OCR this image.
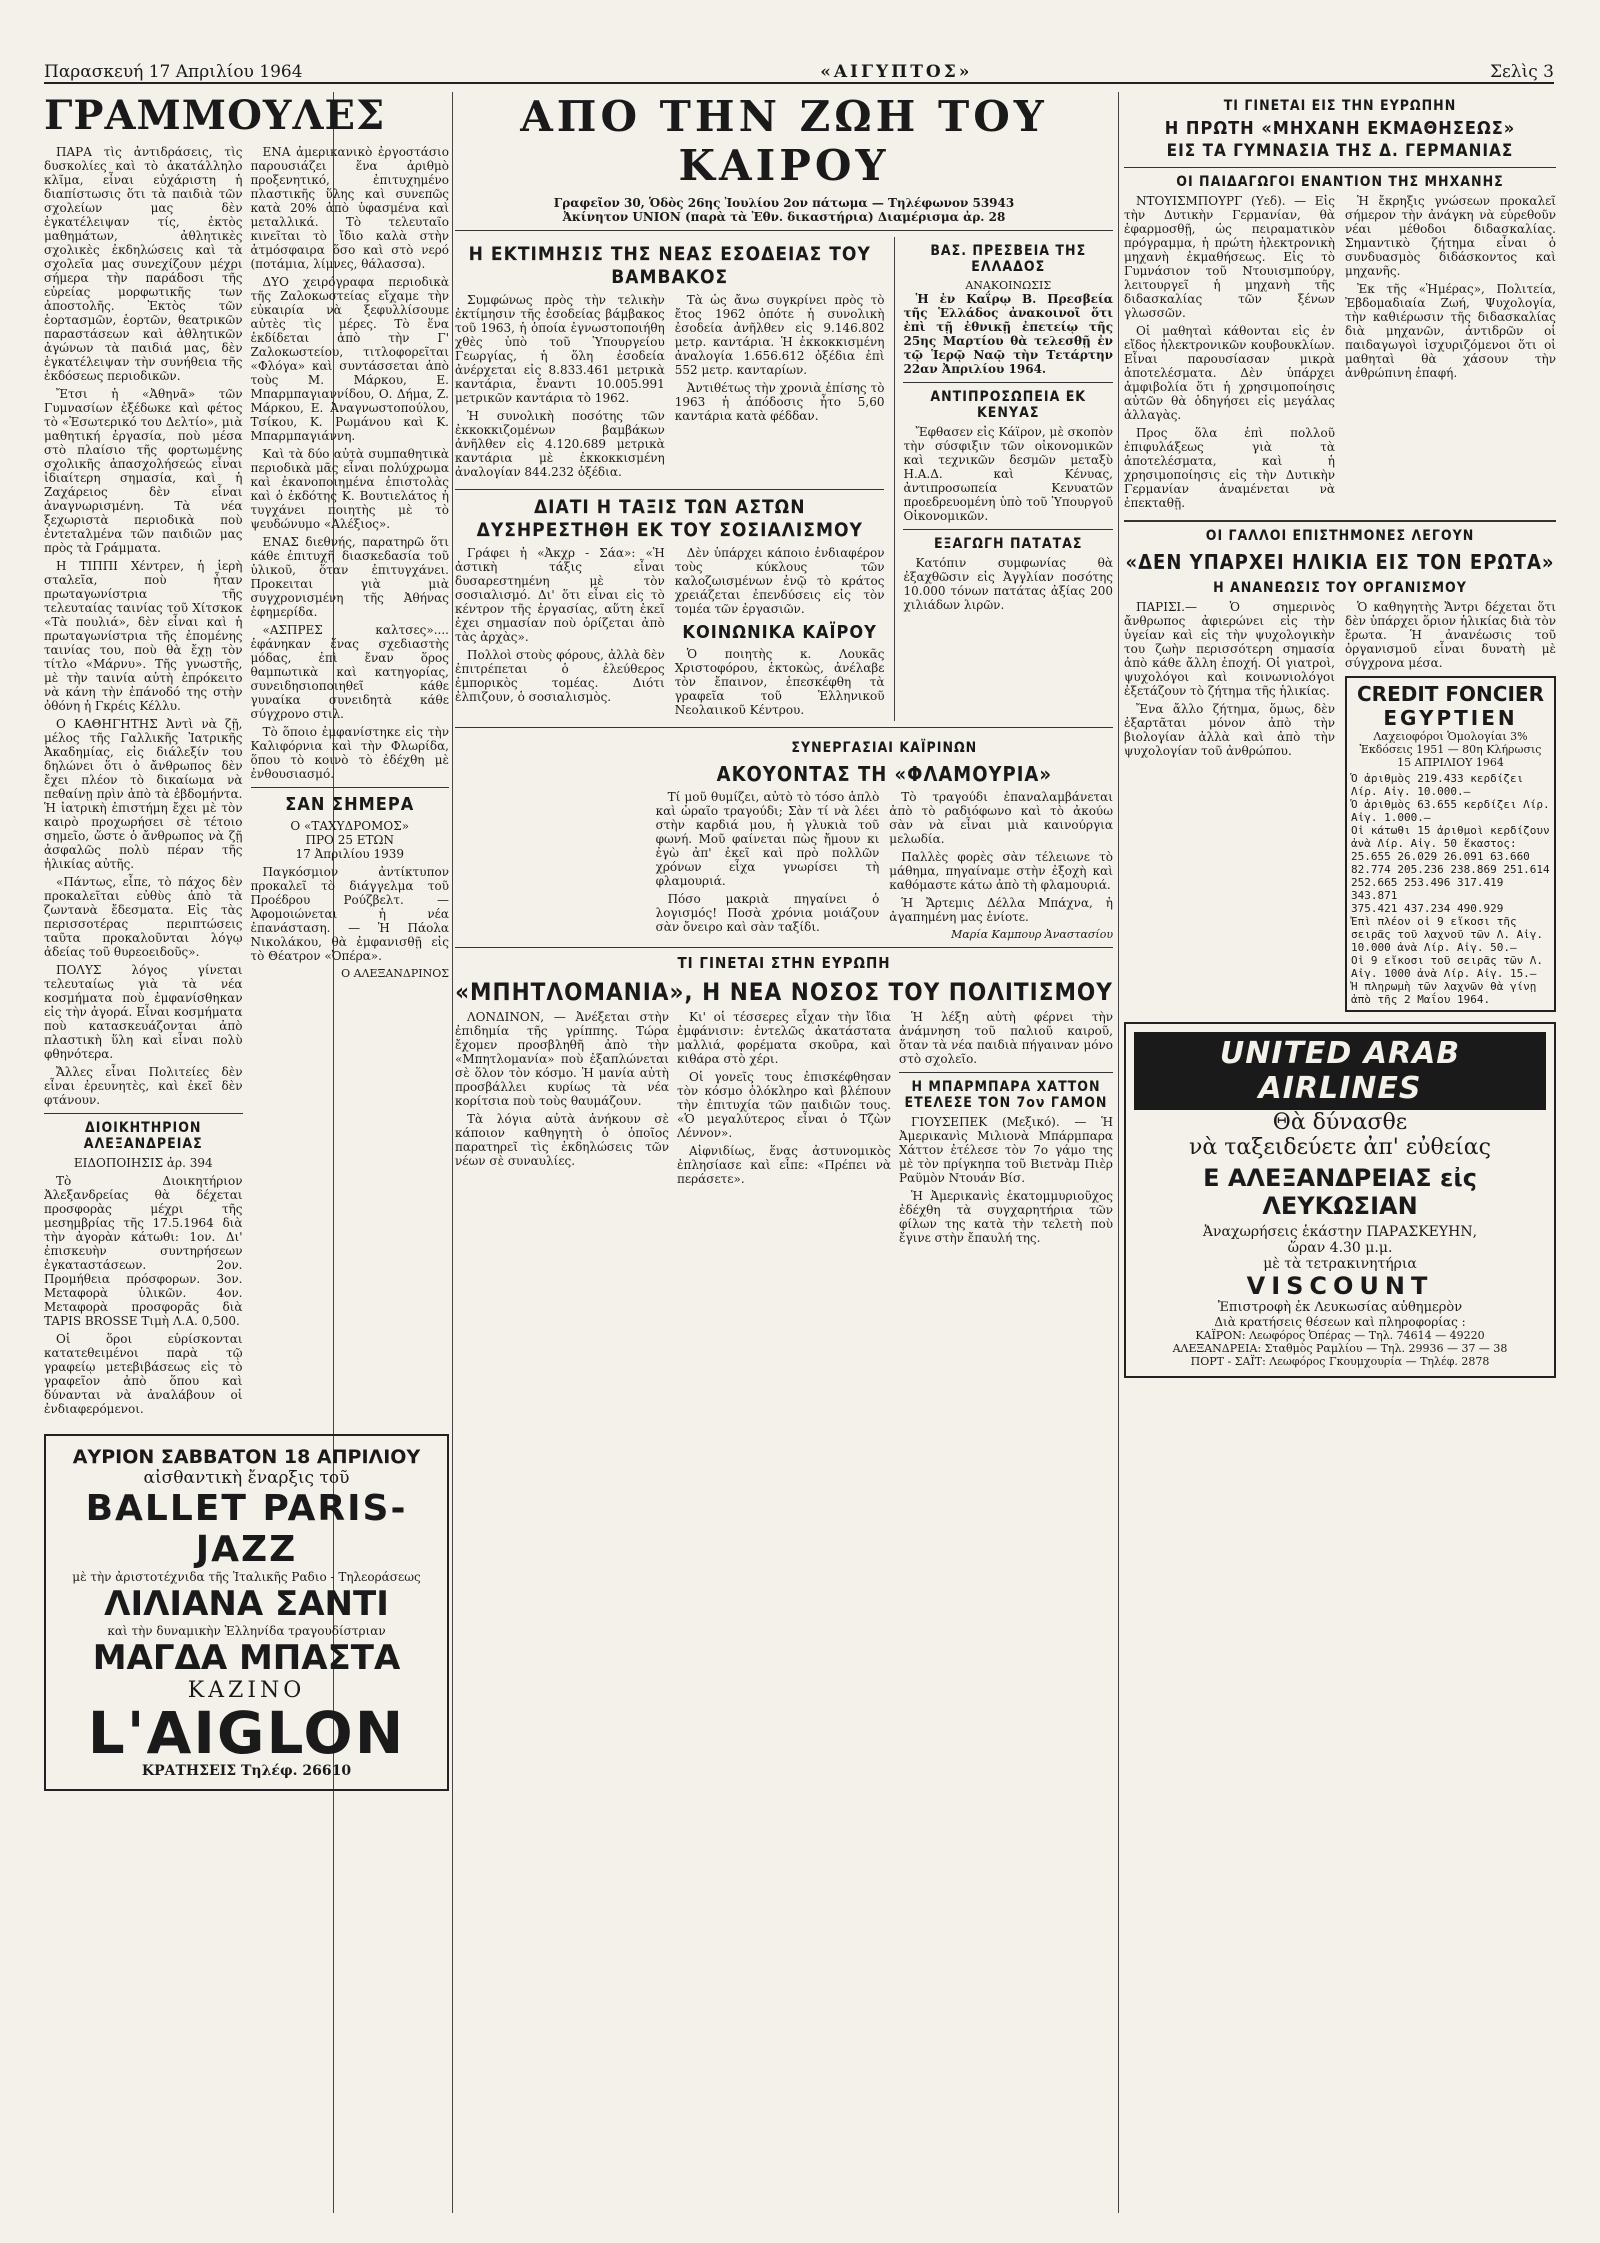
Παρασκευή 17 Απριλίου 1964	«ΑΙΓΥΠΤΟΣ»	Σελὶς 3
ΓΡΑΜΜΟΥΛΕΣ

ΠΑΡΑ τὶς ἀντιδράσεις, τὶς δυσκολίες καὶ τὸ ἀκατάλληλο κλῖμα, εἶναι εὐχάριστη ἡ διαπίστωσις ὅτι τὰ παιδιὰ τῶν σχολείων μας δὲν ἐγκατέλειψαν τίς, ἐκτὸς μαθημάτων, ἀθλητικὲς σχολικὲς ἐκδηλώσεις καὶ τὰ σχολεῖα μας συνεχίζουν μέχρι σήμερα τὴν παράδοσι τῆς εὐρείας μορφωτικῆς των ἀποστολῆς. Ἐκτὸς τῶν ἑορτασμῶν, ἑορτῶν, θεατρικῶν παραστάσεων καὶ ἀθλητικῶν ἀγώνων τὰ παιδιά μας, δὲν ἐγκατέλειψαν τὴν συνήθεια τῆς ἐκδόσεως περιοδικῶν.

Ἔτσι ἡ «Ἀθηνᾶ» τῶν Γυμνασίων ἐξέδωκε καὶ φέτος τὸ «Ἐσωτερικό του Δελτίο», μιὰ μαθητική ἐργασία, ποὺ μέσα στὸ πλαίσιο τῆς φορτωμένης σχολικῆς ἀπασχολήσεώς εἶναι ἰδιαίτερη σημασία, καὶ ἡ Ζαχάρειος δὲν εἶναι ἀναγνωρισμένη. Τὰ νέα ξεχωριστὰ περιοδικὰ ποὺ ἐντεταλμένα τῶν παιδιῶν μας πρὸς τὰ Γράμματα.

Η ΤΙΠΠΙ Χέντρεν, ἡ ἱερὴ σταλεῖα, ποὺ ἦταν πρωταγωνίστρια τῆς τελευταίας ταινίας τοῦ Χίτσκοκ «Τὰ πουλιά», δὲν εἶναι καὶ ἡ πρωταγωνίστρια τῆς ἐπομένης ταινίας του, ποὺ θὰ ἔχῃ τὸν τίτλο «Μάρνυ». Τῆς γνωστῆς, μὲ τὴν ταινία αὐτὴ ἐπρόκειτο νὰ κάνη τὴν ἐπάνοδό της στὴν ὀθόνη ἡ Γκρέις Κέλλυ.

Ο ΚΑΘΗΓΗΤΗΣ Ἀντὶ νὰ ζῇ, μέλος τῆς Γαλλικῆς Ἰατρικῆς Ἀκαδημίας, εἰς διάλεξίν του δηλώνει ὅτι ὁ ἄνθρωπος δὲν ἔχει πλέον τὸ δικαίωμα νὰ πεθαίνῃ πρὶν ἀπὸ τὰ ἑβδομήντα. Ἡ ἰατρικὴ ἐπιστήμη ἔχει μὲ τὸν καιρὸ προχωρήσει σὲ τέτοιο σημεῖο, ὥστε ὁ ἄνθρωπος νὰ ζῇ ἀσφαλῶς πολὺ πέραν τῆς ἡλικίας αὐτῆς.

«Πάντως, εἶπε, τὸ πάχος δὲν προκαλεῖται εὐθὺς ἀπὸ τὰ ζωντανὰ ἔδεσματα. Εἰς τὰς περισσοτέρας περιπτώσεις ταῦτα προκαλοῦνται λόγῳ ἀδείας τοῦ θυρεοειδοῦς».

ΠΟΛΥΣ λόγος γίνεται τελευταίως γιὰ τὰ νέα κοσμήματα ποὺ ἐμφανίσθηκαν εἰς τὴν ἀγορά. Εἶναι κοσμήματα ποὺ κατασκευάζονται ἀπὸ πλαστικὴ ὕλη καὶ εἶναι πολὺ φθηνότερα.

Ἄλλες εἶναι Πολιτείες δὲν εἶναι ἐρευνητὲς, καὶ ἐκεῖ δὲν φτάνουν.

ΔΙΟΙΚΗΤΗΡΙΟΝ ΑΛΕΞΑΝΔΡΕΙΑΣ
ΕΙΔΟΠΟΙΗΣΙΣ ἀρ. 394

Τὸ Διοικητήριον Ἀλεξανδρείας θὰ δέχεται προσφορὰς μέχρι τῆς μεσημβρίας τῆς 17.5.1964 διὰ τὴν ἀγορὰν κάτωθι: 1ον. Δι' ἐπισκευὴν συντηρήσεων ἐγκαταστάσεων. 2ον. Προμήθεια πρόσφορων. 3ον. Μεταφορὰ ὑλικῶν. 4ον. Μεταφορὰ προσφορᾶς διὰ TAPIS BROSSE Τιμὴ Λ.Α. 0,500.

Οἱ ὅροι εὑρίσκονται κατατεθειμένοι παρὰ τῷ γραφείῳ μετεβιβάσεως εἰς τὸ γραφεῖον ἀπὸ ὅπου καὶ δύνανται νὰ ἀναλάβουν οἱ ἐνδιαφερόμενοι.

ΕΝΑ ἀμερικανικὸ ἐργοστάσιο παρουσιάζει ἕνα ἀριθμὸ προξενητικό, ἐπιτυχημένο πλαστικῆς ὕλης καὶ συνεπῶς κατὰ 20% ἀπὸ ὑφασμένα καὶ μεταλλικά. Τὸ τελευταῖο κινεῖται τὸ ἴδιο καλὰ στὴν ἀτμόσφαιρα ὅσο καὶ στὸ νερό (ποτάμια, λίμνες, θάλασσα).

ΔΥΟ χειρόγραφα περιοδικὰ τῆς Ζαλοκωστείας εἴχαμε τὴν εὐκαιρία νὰ ξεφυλλίσουμε αὐτὲς τὶς μέρες. Τὸ ἕνα ἐκδίδεται ἀπὸ τὴν Γ' Ζαλοκωστείου, τιτλοφορεῖται «Φλόγα» καὶ συντάσσεται ἀπὸ τοὺς Μ. Μάρκου, Ε. Μπαρμπαγιαννίδου, Ο. Δήμα, Ζ. Μάρκου, Ε. Ἀναγνωστοπούλου, Τσίκου, Κ. Ρωμάνου καὶ Κ. Μπαρμπαγιάννη.

Καὶ τὰ δύο αὐτὰ συμπαθητικὰ περιοδικὰ μᾶς εἶναι πολύχρωμα καὶ ἐκανοποιημένα ἐπιστολὰς καὶ ὁ ἐκδότης Κ. Βουτιελάτος ἡ τυγχάνει ποιητὴς μὲ τὸ ψευδώνυμο «Ἀλέξιος».

ΕΝΑΣ διεθνής, παρατηρῶ ὅτι κάθε ἐπιτυχῆ διασκεδασία τοῦ ὑλικοῦ, ὅταν ἐπιτυγχάνει. Προκειται γιὰ μιὰ συγχρονισμένη τῆς Ἀθήνας ἐφημερίδα.

«ΑΣΠΡΕΣ καλτσες».... ἐφάνηκαν ἕνας σχεδιαστὴς μόδας, ἐπὶ ἔναν ὅρος θαμπωτικὰ καὶ κατηγορίας, συνειδησιοποιηθεῖ κάθε γυναίκα συνειδητὰ κάθε σύγχρονο στιλ.

Τὸ ὅποιο ἐμφανίστηκε εἰς τὴν Καλιφόρνια καὶ τὴν Φλωρίδα, ὅπου τὸ κοινὸ τὸ ἐδέχθη μὲ ἐνθουσιασμό.

ΣΑΝ ΣΗΜΕΡΑ
Ο «ΤΑΧΥΔΡΟΜΟΣ»
ΠΡΟ 25 ΕΤΩΝ
17 Ἀπριλίου 1939

Παγκόσμιον ἀντίκτυπον προκαλεῖ τὸ διάγγελμα τοῦ Προέδρου Ρούζβελτ. — Ἀφομοιώνεται ἡ νέα ἐπανάσταση. — Ἡ Πάολα Νικολάκου, θὰ ἐμφανισθῇ εἰς τὸ Θέατρον «Ὀπέρα».

Ο ΑΛΕΞΑΝΔΡΙΝΟΣ
ΑΥΡΙΟΝ ΣΑΒΒΑΤΟΝ 18 ΑΠΡΙΛΙΟΥ
αἰσθαντικὴ ἔναρξις τοῦ
BALLET PARIS-JAZZ
μὲ τὴν ἀριστοτέχνιδα τῆς Ἰταλικῆς Ραδιο - Τηλεοράσεως
ΛΙΛΙΑΝΑ ΣΑΝΤΙ
καὶ τὴν δυναμικὴν Ἑλληνίδα τραγουδίστριαν
ΜΑΓΔΑ ΜΠΑΣΤΑ
ΚΑΖΙΝΟ
L'AIGLON
ΚΡΑΤΗΣΕΙΣ Τηλέφ. 26610
ΑΠΟ ΤΗΝ ΖΩΗ ΤΟΥ ΚΑΙΡΟΥ
Γραφεῖον 30, Ὁδὸς 26ης Ἰουλίου 2ον πάτωμα — Τηλέφωνον 53943
Ἀκίνητον UNION (παρὰ τὰ Ἐθν. δικαστήρια) Διαμέρισμα ἀρ. 28
Η ΕΚΤΙΜΗΣΙΣ ΤΗΣ ΝΕΑΣ ΕΣΟΔΕΙΑΣ ΤΟΥ ΒΑΜΒΑΚΟΣ

Συμφώνως πρὸς τὴν τελικὴν ἐκτίμησιν τῆς ἐσοδείας βάμβακος τοῦ 1963, ἡ ὁποία ἐγνωστοποιήθη χθὲς ὑπὸ τοῦ Ὑπουργείου Γεωργίας, ἡ ὅλη ἐσοδεία ἀνέρχεται εἰς 8.833.461 μετρικὰ καντάρια, ἔναντι 10.005.991 μετρικῶν καντάρια τὸ 1962.

Ἡ συνολικὴ ποσότης τῶν ἐκκοκκιζομένων βαμβάκων ἀνῆλθεν εἰς 4.120.689 μετρικὰ καντάρια μὲ ἐκκοκκισμένη ἀναλογίαν 844.232 ὀξέδια.

Τὰ ὡς ἄνω συγκρίνει πρὸς τὸ ἔτος 1962 ὁπότε ἡ συνολικὴ ἐσοδεία ἀνῆλθεν εἰς 9.146.802 μετρ. καντάρια. Ἡ ἐκκοκκισμένη ἀναλογία 1.656.612 ὀξέδια ἐπὶ 552 μετρ. κανταρίων.

Ἀντιθέτως τὴν χρονιὰ ἐπίσης τὸ 1963 ἡ ἀπόδοσις ἦτο 5,60 καντάρια κατὰ φέδδαν.

ΔΙΑΤΙ Η ΤΑΞΙΣ ΤΩΝ ΑΣΤΩΝ ΔΥΣΗΡΕΣΤΗΘΗ ΕΚ ΤΟΥ ΣΟΣΙΑΛΙΣΜΟΥ

Γράφει ἡ «Ἀκχρ - Σάα»: «Ἡ ἀστικὴ τάξις εἶναι δυσαρεστημένη μὲ τὸν σοσιαλισμό. Δι' ὅτι εἶναι εἰς τὸ κέντρον τῆς ἐργασίας, αὕτη ἐκεῖ ἐχει σημασίαν ποὺ ὁρίζεται ἀπὸ τὰς ἀρχὰς».

Πολλοὶ στοὺς φόρους, ἀλλὰ δὲν ἐπιτρέπεται ὁ ἐλεύθερος ἐμπορικὸς τομέας. Διότι ἐλπιζουν, ὁ σοσιαλισμὸς.

Δὲν ὑπάρχει κάποιο ἐνδιαφέρον τοὺς κύκλους τῶν καλοζωισμένων ἐνῷ τὸ κράτος χρειάζεται ἐπενδύσεις εἰς τὸν τομέα τῶν ἐργασιῶν.

ΚΟΙΝΩΝΙΚΑ ΚΑΪΡΟΥ

Ὁ ποιητὴς κ. Λουκᾶς Χριστοφόρου, ἐκτοκὼς, ἀνέλαβε τὸν ἔπαινον, ἐπεσκέφθη τὰ γραφεῖα τοῦ Ἑλληνικοῦ Νεολαιικοῦ Κέντρου.

ΒΑΣ. ΠΡΕΣΒΕΙΑ ΤΗΣ ΕΛΛΑΔΟΣ
ΑΝΑΚΟΙΝΩΣΙΣ

Ἡ ἐν Καΐρῳ Β. Πρεσβεία τῆς Ἑλλάδος ἀνακοινοῖ ὅτι ἐπὶ τῇ ἐθνικῇ ἐπετείῳ τῆς 25ης Μαρτίου θὰ τελεσθῇ ἐν τῷ Ἱερῷ Ναῷ τὴν Τετάρτην 22αν Ἀπριλίου 1964.

ΑΝΤΙΠΡΟΣΩΠΕΙΑ ΕΚ ΚΕΝΥΑΣ

Ἔφθασεν εἰς Κάϊρον, μὲ σκοπὸν τὴν σύσφιξιν τῶν οἰκονομικῶν καὶ τεχνικῶν δεσμῶν μεταξὺ Η.Α.Δ. καὶ Κένυας, ἀντιπροσωπεία Κενυατῶν προεδρευομένη ὑπὸ τοῦ Ὑπουργοῦ Οἰκονομικῶν.

ΕΞΑΓΩΓΗ ΠΑΤΑΤΑΣ

Κατόπιν συμφωνίας θὰ ἐξαχθῶσιν εἰς Ἀγγλίαν ποσότης 10.000 τόνων πατάτας ἀξίας 200 χιλιάδων λιρῶν.

ΣΥΝΕΡΓΑΣΙΑΙ ΚΑΪΡΙΝΩΝ
ΑΚΟΥΟΝΤΑΣ ΤΗ «ΦΛΑΜΟΥΡΙΑ»

Τί μοῦ θυμίζει, αὐτὸ τὸ τόσο ἁπλὸ καὶ ὡραῖο τραγούδι; Σὰν τί νὰ λέει στὴν καρδιά μου, ἡ γλυκιὰ τοῦ φωνή. Μοῦ φαίνεται πὼς ἤμουν κι ἐγὼ ἀπ' ἐκεῖ καὶ πρὸ πολλῶν χρόνων εἶχα γνωρίσει τὴ φλαμουριά.

Πόσο μακριὰ πηγαίνει ὁ λογισμός! Ποσὰ χρόνια μοιάζουν σὰν ὄνειρο καὶ σὰν ταξίδι.

Τὸ τραγούδι ἐπαναλαμβάνεται ἀπὸ τὸ ραδιόφωνο καὶ τὸ ἀκούω σὰν νὰ εἶναι μιὰ καινούργια μελωδία.

Παλλὲς φορὲς σὰν τέλειωνε τὸ μάθημα, πηγαίναμε στὴν ἐξοχὴ καὶ καθόμαστε κάτω ἀπὸ τὴ φλαμουριά.

Ἡ Ἄρτεμις Δέλλα Μπάχνα, ἡ ἀγαπημένη μας ἐνίοτε.

Μαρία Καμπουρ Ἀναστασίου
ΤΙ ΓΙΝΕΤΑΙ ΣΤΗΝ ΕΥΡΩΠΗ
«ΜΠΗΤΛΟΜΑΝΙΑ», Η ΝΕΑ ΝΟΣΟΣ ΤΟΥ ΠΟΛΙΤΙΣΜΟΥ

ΛΟΝΔΙΝΟΝ, — Ἀνέξεται στὴν ἐπιδημία τῆς γρίππης. Τώρα ἔχομεν προσβληθῆ ἀπὸ τὴν «Μπητλομανία» ποὺ ἐξαπλώνεται σὲ ὅλον τὸν κόσμο. Ἡ μανία αὐτὴ προσβάλλει κυρίως τὰ νέα κορίτσια ποὺ τοὺς θαυμάζουν.

Τὰ λόγια αὐτὰ ἀνήκουν σὲ κάποιον καθηγητὴ ὁ ὁποῖος παρατηρεῖ τὶς ἐκδηλώσεις τῶν νέων σὲ συναυλίες.

Κι' οἱ τέσσερες εἶχαν τὴν ἴδια ἐμφάνισιν: ἐντελῶς ἀκατάστατα μαλλιά, φορέματα σκοῦρα, καὶ κιθάρα στὸ χέρι.

Οἱ γονεῖς τους ἐπισκέφθησαν τὸν κόσμο ὁλόκληρο καὶ βλέπουν τὴν ἐπιτυχία τῶν παιδιῶν τους. «Ὁ μεγαλύτερος εἶναι ὁ Τζὼν Λέννον».

Αἰφνιδίως, ἕνας ἀστυνομικὸς ἐπλησίασε καὶ εἶπε: «Πρέπει νὰ περάσετε».

Ἡ λέξη αὐτὴ φέρνει τὴν ἀνάμνηση τοῦ παλιοῦ καιροῦ, ὅταν τὰ νέα παιδιὰ πήγαιναν μόνο στὸ σχολεῖο.

Η ΜΠΑΡΜΠΑΡΑ ΧΑΤΤΟΝ ΕΤΕΛΕΣΕ ΤΟΝ 7ον ΓΑΜΟΝ

ΓΙΟΥΣΕΠΕΚ (Μεξικό). — Ἡ Ἀμερικανὶς Μιλιονὰ Μπάρμπαρα Χάττον ἐτέλεσε τὸν 7ο γάμο της μὲ τὸν πρίγκηπα τοῦ Βιετνὰμ Πιὲρ Ραϋμὸν Ντουάν Βίσ.

Ἡ Ἀμερικανὶς ἑκατομμυριοῦχος ἐδέχθη τὰ συγχαρητήρια τῶν φίλων της κατὰ τὴν τελετὴ ποὺ ἔγινε στὴν ἔπαυλή της.

ΤΙ ΓΙΝΕΤΑΙ ΕΙΣ ΤΗΝ ΕΥΡΩΠΗΝ
Η ΠΡΩΤΗ «ΜΗΧΑΝΗ ΕΚΜΑΘΗΣΕΩΣ»
ΕΙΣ ΤΑ ΓΥΜΝΑΣΙΑ ΤΗΣ Δ. ΓΕΡΜΑΝΙΑΣ
ΟΙ ΠΑΙΔΑΓΩΓΟΙ ΕΝΑΝΤΙΟΝ ΤΗΣ ΜΗΧΑΝΗΣ

ΝΤΟΥΙΣΜΠΟΥΡΓ (Υεδ). — Εἰς τὴν Δυτικὴν Γερμανίαν, θὰ ἐφαρμοσθῇ, ὡς πειραματικὸν πρόγραμμα, ἡ πρώτη ἠλεκτρονικὴ μηχανὴ ἐκμαθήσεως. Εἰς τὸ Γυμνάσιον τοῦ Ντουισμπούργ, λειτουργεῖ ἡ μηχανὴ τῆς διδασκαλίας τῶν ξένων γλωσσῶν.

Οἱ μαθηταὶ κάθονται εἰς ἐν εἴδος ἠλεκτρονικῶν κουβουκλίων. Εἶναι παρουσίασαν μικρὰ ἀποτελέσματα. Δὲν ὑπάρχει ἀμφιβολία ὅτι ἡ χρησιμοποίησις αὐτῶν θὰ ὁδηγήσει εἰς μεγάλας ἀλλαγὰς.

Προς ὅλα ἐπὶ πολλοῦ ἐπιφυλάξεως γιὰ τὰ ἀποτελέσματα, καὶ ἡ χρησιμοποίησις εἰς τὴν Δυτικὴν Γερμανίαν ἀναμένεται νὰ ἐπεκταθῇ.

Ἡ ἔκρηξις γνώσεων προκαλεῖ σήμερον τὴν ἀνάγκη νὰ εὑρεθοῦν νέαι μέθοδοι διδασκαλίας. Σημαντικὸ ζήτημα εἶναι ὁ συνδυασμὸς διδάσκοντος καὶ μηχανῆς.

Ἐκ τῆς «Ἡμέρας», Πολιτεία, Ἐβδομαδιαία Ζωή, Ψυχολογία, τὴν καθιέρωσιν τῆς διδασκαλίας διὰ μηχανῶν, ἀντιδρῶν οἱ παιδαγωγοὶ ἰσχυριζόμενοι ὅτι οἱ μαθηταὶ θὰ χάσουν τὴν ἀνθρώπινη ἐπαφή.

ΟΙ ΓΑΛΛΟΙ ΕΠΙΣΤΗΜΟΝΕΣ ΛΕΓΟΥΝ
«ΔΕΝ ΥΠΑΡΧΕΙ ΗΛΙΚΙΑ ΕΙΣ ΤΟΝ ΕΡΩΤΑ»
Η ΑΝΑΝΕΩΣΙΣ ΤΟΥ ΟΡΓΑΝΙΣΜΟΥ

ΠΑΡΙΣΙ.— Ὁ σημερινὸς ἄνθρωπος ἀφιερώνει εἰς τὴν ὑγείαν καὶ εἰς τὴν ψυχολογικὴν του ζωὴν περισσότερη σημασία ἀπὸ κάθε ἄλλη ἐποχή. Οἱ γιατροὶ, ψυχολόγοι καὶ κοινωνιολόγοι ἐξετάζουν τὸ ζήτημα τῆς ἡλικίας.

Ἔνα ἄλλο ζήτημα, ὅμως, δὲν ἐξαρτᾶται μόνον ἀπὸ τὴν βιολογίαν ἀλλὰ καὶ ἀπὸ τὴν ψυχολογίαν τοῦ ἀνθρώπου.

Ὁ καθηγητὴς Ἄντρι δέχεται ὅτι δὲν ὑπάρχει ὅριον ἡλικίας διὰ τὸν ἔρωτα. Ἡ ἀνανέωσις τοῦ ὀργανισμοῦ εἶναι δυνατὴ μὲ σύγχρονα μέσα.

CREDIT FONCIER
EGYPTIEN
Λαχειοφόροι Ὁμολογίαι 3%
Ἐκδόσεις 1951 — 80η Κλήρωσις
15 ΑΠΡΙΛΙΟΥ 1964
Ὁ ἀριθμὸς 219.433 κερδίζει Λίρ. Αἰγ. 10.000.—
Ὁ ἀριθμὸς 63.655 κερδίζει Λίρ. Αἰγ. 1.000.—
Οἱ κάτωθι 15 ἀριθμοὶ κερδίζουν ἀνὰ Λίρ. Αἰγ. 50 ἕκαστος:
25.655 26.029 26.091 63.660
82.774 205.236 238.869 251.614
252.665 253.496 317.419 343.871
375.421 437.234 490.929
Ἐπὶ πλέον οἱ 9 εἴκοσι τῆς σειρᾶς τοῦ λαχνοῦ τῶν Λ. Αἰγ. 10.000 ἀνὰ Λίρ. Αἰγ. 50.—
Οἱ 9 εἴκοσι τοῦ σειρᾶς τῶν Λ. Αἰγ. 1000 ἀνὰ Λίρ. Αἰγ. 15.—
Ἡ πληρωμὴ τῶν λαχνῶν θὰ γίνῃ ἀπὸ τῆς 2 Μαΐου 1964.
UNITED ARAB AIRLINES
Θὰ δύνασθε
νὰ ταξειδεύετε ἀπ' εὐθείας
Ε ΑΛΕΞΑΝΔΡΕΙΑΣ εἰς ΛΕΥΚΩΣΙΑΝ
Ἀναχωρήσεις ἑκάστην ΠΑΡΑΣΚΕΥΗΝ,
ὥραν 4.30 μ.μ.
μὲ τὰ τετρακινητήρια
VISCOUNT
Ἐπιστροφὴ ἐκ Λευκωσίας αὐθημερὸν
Διὰ κρατήσεις θέσεων καὶ πληροφορίας :
ΚΑΪΡΟΝ: Λεωφόρος Ὀπέρας — Τηλ. 74614 — 49220
ΑΛΕΞΑΝΔΡΕΙΑ: Σταθμὸς Ραμλίου — Τηλ. 29936 — 37 — 38
ΠΟΡΤ - ΣΑΪΤ: Λεωφόρος Γκουμχουρία — Τηλέφ. 2878
